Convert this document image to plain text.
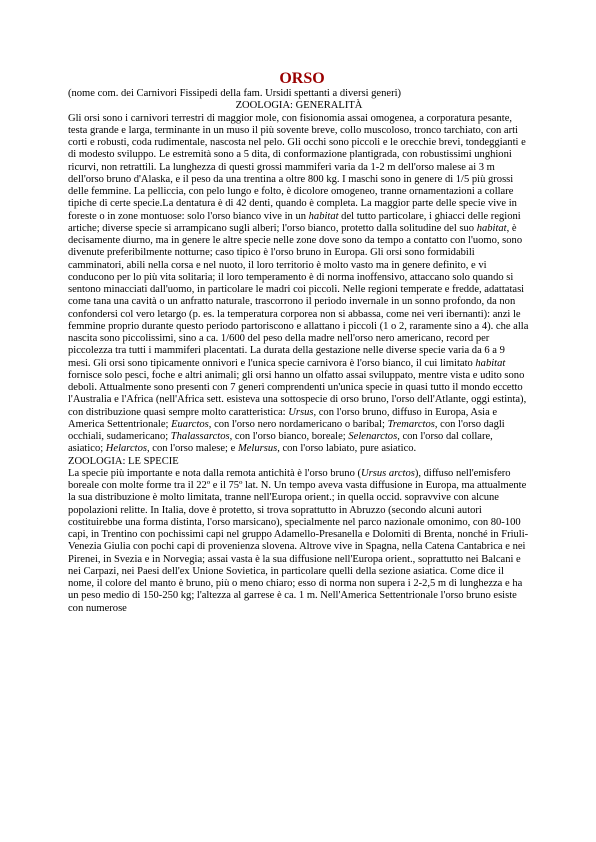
ORSO

(nome com. dei Carnivori Fissipedi della fam. Ursidi spettanti a diversi generi)

ZOOLOGIA: GENERALITÀ

Gli orsi sono i carnivori terrestri di maggior mole, con fisionomia assai omogenea, a corporatura pesante, testa grande e larga, terminante in un muso il più sovente breve, collo muscoloso, tronco tarchiato, con arti corti e robusti, coda rudimentale, nascosta nel pelo. Gli occhi sono piccoli e le orecchie brevi, tondeggianti e di modesto sviluppo. Le estremità sono a 5 dita, di conformazione plantigrada, con robustissimi unghioni ricurvi, non retrattili. La lunghezza di questi grossi mammiferi varia da 1-2 m dell'orso malese ai 3 m dell'orso bruno d'Alaska, e il peso da una trentina a oltre 800 kg. I maschi sono in genere di 1/5 più grossi delle femmine. La pelliccia, con pelo lungo e folto, è dicolore omogeneo, tranne ornamentazioni a collare tipiche di certe specie.La dentatura è di 42 denti, quando è completa. La maggior parte delle specie vive in foreste o in zone montuose: solo l'orso bianco vive in un habitat del tutto particolare, i ghiacci delle regioni artiche; diverse specie si arrampicano sugli alberi; l'orso bianco, protetto dalla solitudine del suo habitat, è decisamente diurno, ma in genere le altre specie nelle zone dove sono da tempo a contatto con l'uomo, sono divenute preferibilmente notturne; caso tipico è l'orso bruno in Europa. Gli orsi sono formidabili camminatori, abili nella corsa e nel nuoto, il loro territorio è molto vasto ma in genere definito, e vi conducono per lo più vita solitaria; il loro temperamento è di norma inoffensivo, attaccano solo quando si sentono minacciati dall'uomo, in particolare le madri coi piccoli. Nelle regioni temperate e fredde, adattatasi come tana una cavità o un anfratto naturale, trascorrono il periodo invernale in un sonno profondo, da non confondersi col vero letargo (p. es. la temperatura corporea non si abbassa, come nei veri ibernanti): anzi le femmine proprio durante questo periodo partoriscono e allattano i piccoli (1 o 2, raramente sino a 4). che alla nascita sono piccolissimi, sino a ca. 1/600 del peso della madre nell'orso nero americano, record per piccolezza tra tutti i mammiferi placentati. La durata della gestazione nelle diverse specie varia da 6 a 9 mesi. Gli orsi sono tipicamente onnivori e l'unica specie carnivora è l'orso bianco, il cui limitato habitat fornisce solo pesci, foche e altri animali; gli orsi hanno un olfatto assai sviluppato, mentre vista e udito sono deboli. Attualmente sono presenti con 7 generi comprendenti un'unica specie in quasi tutto il mondo eccetto l'Australia e l'Africa (nell'Africa sett. esisteva una sottospecie di orso bruno, l'orso dell'Atlante, oggi estinta), con distribuzione quasi sempre molto caratteristica: Ursus, con l'orso bruno, diffuso in Europa, Asia e America Settentrionale; Euarctos, con l'orso nero nordamericano o baribal; Tremarctos, con l'orso dagli occhiali, sudamericano; Thalassarctos, con l'orso bianco, boreale; Selenarctos, con l'orso dal collare, asiatico; Helarctos, con l'orso malese; e Melursus, con l'orso labiato, pure asiatico.

ZOOLOGIA: LE SPECIE

La specie più importante e nota dalla remota antichità è l'orso bruno (Ursus arctos), diffuso nell'emisfero boreale con molte forme tra il 22º e il 75º lat. N. Un tempo aveva vasta diffusione in Europa, ma attualmente la sua distribuzione è molto limitata, tranne nell'Europa orient.; in quella occid. sopravvive con alcune popolazioni relitte. In Italia, dove è protetto, si trova soprattutto in Abruzzo (secondo alcuni autori costituirebbe una forma distinta, l'orso marsicano), specialmente nel parco nazionale omonimo, con 80-100 capi, in Trentino con pochissimi capi nel gruppo Adamello-Presanella e Dolomiti di Brenta, nonché in Friuli-Venezia Giulia con pochi capi di provenienza slovena. Altrove vive in Spagna, nella Catena Cantabrica e nei Pirenei, in Svezia e in Norvegia; assai vasta è la sua diffusione nell'Europa orient., soprattutto nei Balcani e nei Carpazi, nei Paesi dell'ex Unione Sovietica, in particolare quelli della sezione asiatica. Come dice il nome, il colore del manto è bruno, più o meno chiaro; esso di norma non supera i 2-2,5 m di lunghezza e ha un peso medio di 150-250 kg; l'altezza al garrese è ca. 1 m. Nell'America Settentrionale l'orso bruno esiste con numerose
